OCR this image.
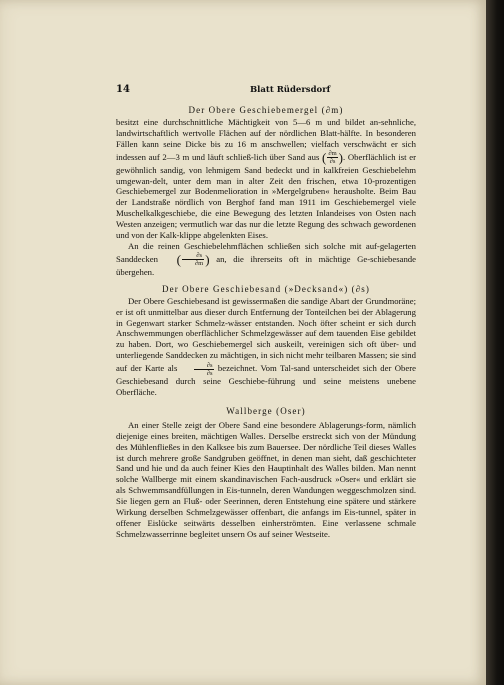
14	Blatt Rüdersdorf
Der Obere Geschiebemergel (∂m)

besitzt eine durchschnittliche Mächtigkeit von 5—6 m und bildet an-sehnliche, landwirtschaftlich wertvolle Flächen auf der nördlichen Blatt-hälfte. In besonderen Fällen kann seine Dicke bis zu 16 m anschwellen; vielfach verschwächt er sich indessen auf 2—3 m und läuft schließ-lich über Sand aus ( $\frac{\partial m}{\partial s}$ ). Oberflächlich ist er gewöhnlich sandig, von lehmigem Sand bedeckt und in kalkfreien Geschiebelehm umgewan-delt, unter dem man in alter Zeit den frischen, etwa 10-prozentigen Geschiebemergel zur Bodenmelioration in »Mergelgruben« herausholte. Beim Bau der Landstraße nördlich von Berghof fand man 1911 im Geschiebemergel viele Muschelkalkgeschiebe, die eine Bewegung des letzten Inlandeises von Osten nach Westen anzeigen; vermutlich war das nur die letzte Regung des schwach gewordenen und von der Kalk-klippe abgelenkten Eises.

An die reinen Geschiebelehmflächen schließen sich solche mit auf-gelagerten Sanddecken ( $\frac{\partial s}{\partial m}$ ) an, die ihrerseits oft in mächtige Ge-schiebesande übergehen.

Der Obere Geschiebesand (»Decksand«) (∂s)

Der Obere Geschiebesand ist gewissermaßen die sandige Abart der Grundmoräne; er ist oft unmittelbar aus dieser durch Entfernung der Tonteilchen bei der Ablagerung in Gegenwart starker Schmelz-wässer entstanden. Noch öfter scheint er sich durch Anschwemmungen oberflächlicher Schmelzgewässer auf dem tauenden Eise gebildet zu haben. Dort, wo Geschiebemergel sich auskeilt, vereinigen sich oft über- und unterliegende Sanddecken zu mächtigen, in sich nicht mehr teilbaren Massen; sie sind auf der Karte als	$\frac{\partial s}{\partial s}$ bezeichnet. Vom Tal-sand unterscheidet sich der Obere Geschiebesand durch seine Geschiebe-führung und seine meistens unebene Oberfläche.

Wallberge (Oser)

An einer Stelle zeigt der Obere Sand eine besondere Ablagerungs-form, nämlich diejenige eines breiten, mächtigen Walles. Derselbe erstreckt sich von der Mündung des Mühlenfließes in den Kalksee bis zum Bauersee. Der nördliche Teil dieses Walles ist durch mehrere große Sandgruben geöffnet, in denen man sieht, daß geschichteter Sand und hie und da auch feiner Kies den Hauptinhalt des Walles bilden. Man nennt solche Wallberge mit einem skandinavischen Fach-ausdruck »Oser« und erklärt sie als Schwemmsandfüllungen in Eis-tunneln, deren Wandungen weggeschmolzen sind. Sie liegen gern an Fluß- oder Seerinnen, deren Entstehung eine spätere und stärkere Wirkung derselben Schmelzgewässer offenbart, die anfangs im Eis-tunnel, später in offener Eislücke seitwärts desselben einherströmten. Eine verlassene schmale Schmelzwasserrinne begleitet unsern Os auf seiner Westseite.
